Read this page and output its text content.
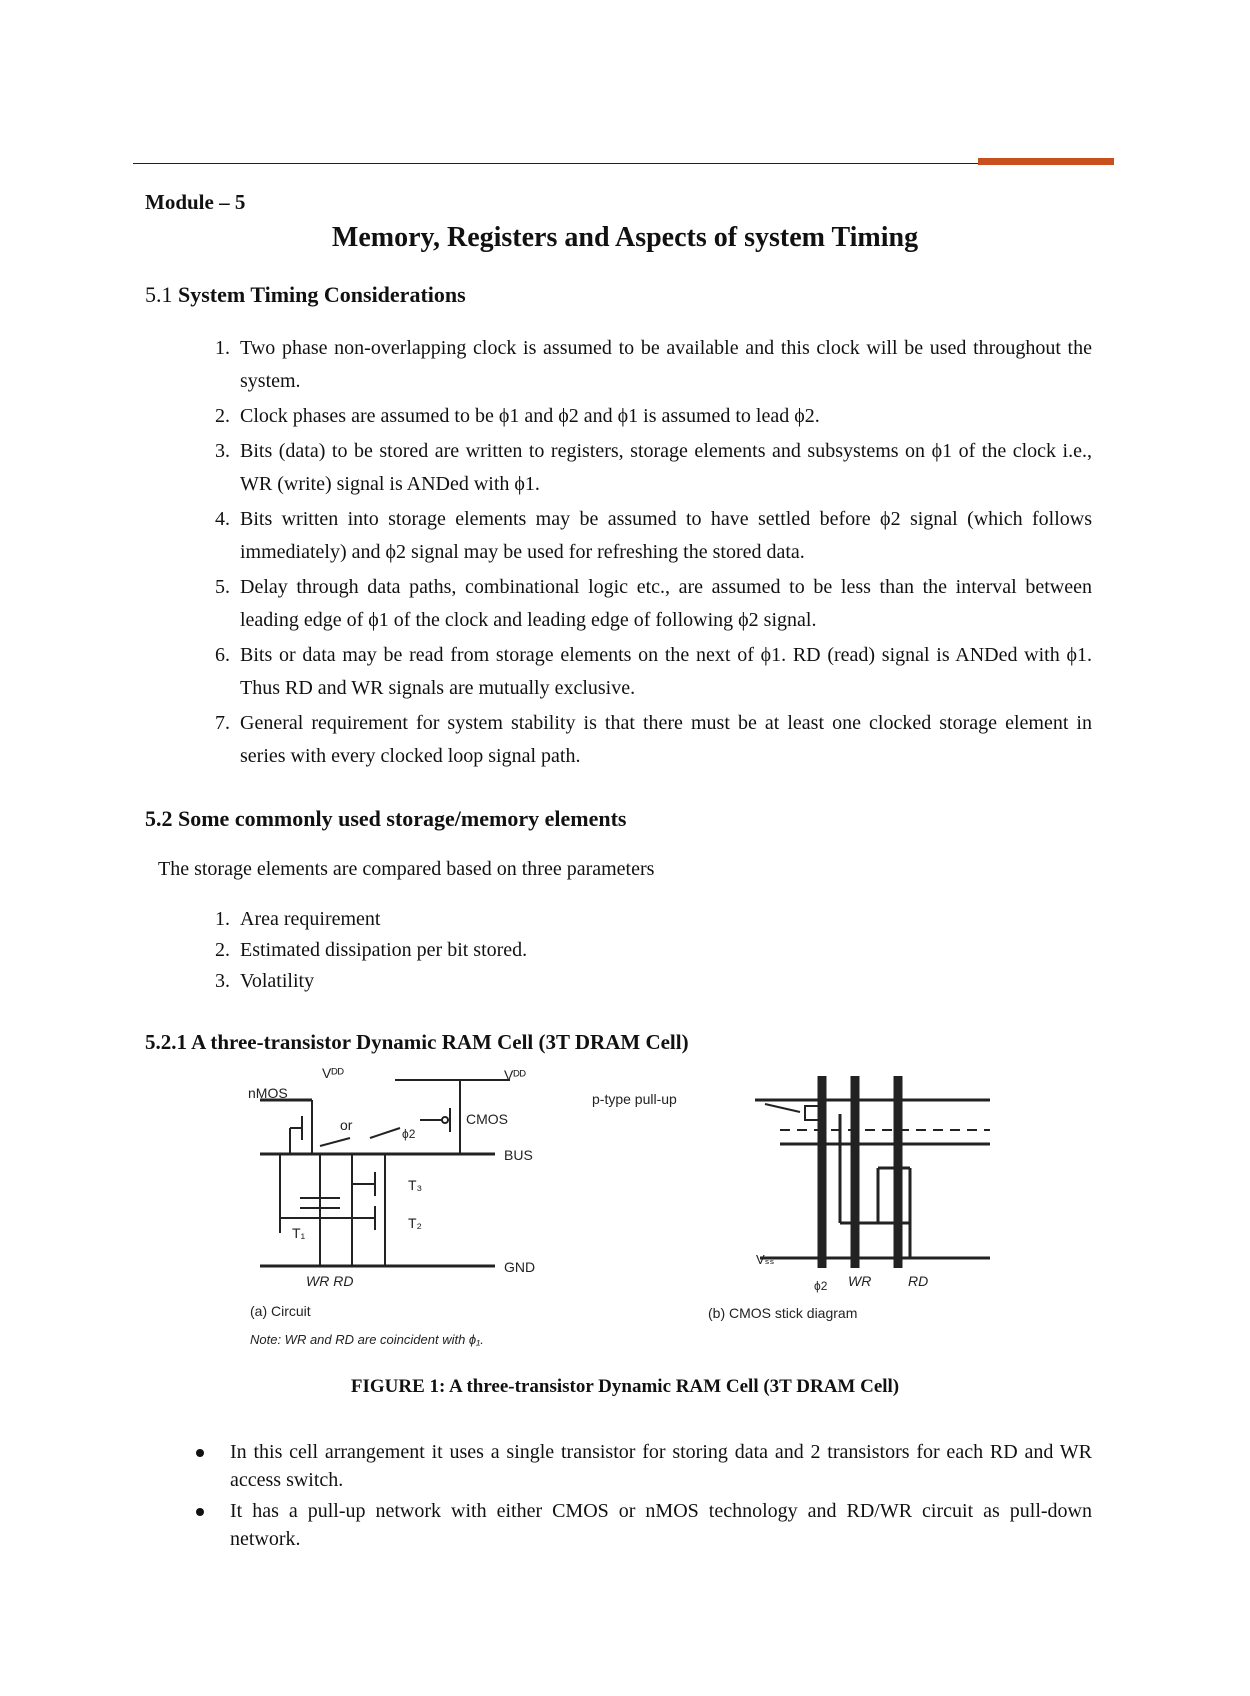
Module – 5
Memory, Registers and Aspects of system Timing
5.1 System Timing Considerations
1. Two phase non-overlapping clock is assumed to be available and this clock will be used throughout the system.
2. Clock phases are assumed to be ϕ1 and ϕ2 and ϕ1 is assumed to lead ϕ2.
3. Bits (data) to be stored are written to registers, storage elements and subsystems on ϕ1 of the clock i.e., WR (write) signal is ANDed with ϕ1.
4. Bits written into storage elements may be assumed to have settled before ϕ2 signal (which follows immediately) and ϕ2 signal may be used for refreshing the stored data.
5. Delay through data paths, combinational logic etc., are assumed to be less than the interval between leading edge of ϕ1 of the clock and leading edge of following ϕ2 signal.
6. Bits or data may be read from storage elements on the next of ϕ1. RD (read) signal is ANDed with ϕ1. Thus RD and WR signals are mutually exclusive.
7. General requirement for system stability is that there must be at least one clocked storage element in series with every clocked loop signal path.
5.2 Some commonly used storage/memory elements
The storage elements are compared based on three parameters
1. Area requirement
2. Estimated dissipation per bit stored.
3. Volatility
5.2.1 A three-transistor Dynamic RAM Cell (3T DRAM Cell)
Vᴰᴰ	Vᴰᴰ
nMOS
or	CMOS
ϕ2
BUS
T₃
T₂
T₁
GND
WR RD
(a) Circuit
Note: WR and RD are coincident with ϕ₁.
p-type pull-up
Vₛₛ
ϕ2 WR	RD
(b) CMOS stick diagram
FIGURE 1: A three-transistor Dynamic RAM Cell (3T DRAM Cell)
In this cell arrangement it uses a single transistor for storing data and 2 transistors for each RD and WR access switch.
It has a pull-up network with either CMOS or nMOS technology and RD/WR circuit as pull-down network.
